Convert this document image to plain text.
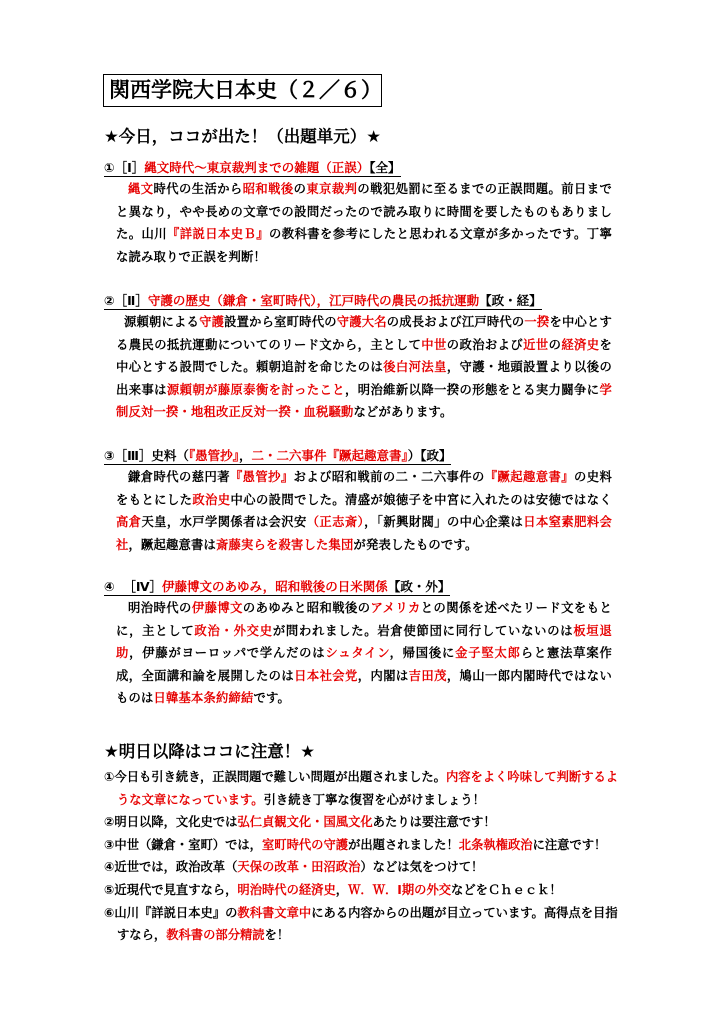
関西学院大日本史（２／６）
★今日，ココが出た！（出題単元）★
①［Ⅰ］縄文時代～東京裁判までの雑題（正誤）【全】
縄文時代の生活から昭和戦後の東京裁判の戦犯処罰に至るまでの正誤問題。前日までと異なり，やや長めの文章での設問だったので読み取りに時間を要したものもありました。山川『詳説日本史Ｂ』の教科書を参考にしたと思われる文章が多かったです。丁寧な読み取りで正誤を判断！
②［Ⅱ］守護の歴史（鎌倉・室町時代），江戸時代の農民の抵抗運動【政・経】
源頼朝による守護設置から室町時代の守護大名の成長および江戸時代の一揆を中心とする農民の抵抗運動についてのリード文から，主として中世の政治および近世の経済史を中心とする設問でした。頼朝追討を命じたのは後白河法皇，守護・地頭設置より以後の出来事は源頼朝が藤原泰衡を討ったこと，明治維新以降一揆の形態をとる実力闘争に学制反対一揆・地租改正反対一揆・血税騒動などがあります。
③［Ⅲ］史料（『愚管抄』，二・二六事件『蹶起趣意書』）【政】
鎌倉時代の慈円著『愚管抄』および昭和戦前の二・二六事件の『蹶起趣意書』の史料をもとにした政治史中心の設問でした。清盛が娘徳子を中宮に入れたのは安徳ではなく高倉天皇，水戸学関係者は会沢安（正志斎），「新興財閥」の中心企業は日本窒素肥料会社，蹶起趣意書は斎藤実らを殺害した集団が発表したものです。
④ ［Ⅳ］伊藤博文のあゆみ，昭和戦後の日米関係【政・外】
明治時代の伊藤博文のあゆみと昭和戦後のアメリカとの関係を述べたリード文をもとに，主として政治・外交史が問われました。岩倉使節団に同行していないのは板垣退助，伊藤がヨーロッパで学んだのはシュタイン，帰国後に金子堅太郎らと憲法草案作成，全面講和論を展開したのは日本社会党，内閣は吉田茂，鳩山一郎内閣時代ではないものは日韓基本条約締結です。
★明日以降はココに注意！★
①今日も引き続き，正誤問題で難しい問題が出題されました。内容をよく吟味して判断するような文章になっています。引き続き丁寧な復習を心がけましょう！
②明日以降，文化史では弘仁貞観文化・国風文化あたりは要注意です！
③中世（鎌倉・室町）では，室町時代の守護が出題されました！北条執権政治に注意です！
④近世では，政治改革（天保の改革・田沼政治）などは気をつけて！
⑤近現代で見直すなら，明治時代の経済史，Ｗ．Ｗ．Ⅰ期の外交などをＣｈｅｃｋ！
⑥山川『詳説日本史』の教科書文章中にある内容からの出題が目立っています。高得点を目指すなら，教科書の部分精読を！
